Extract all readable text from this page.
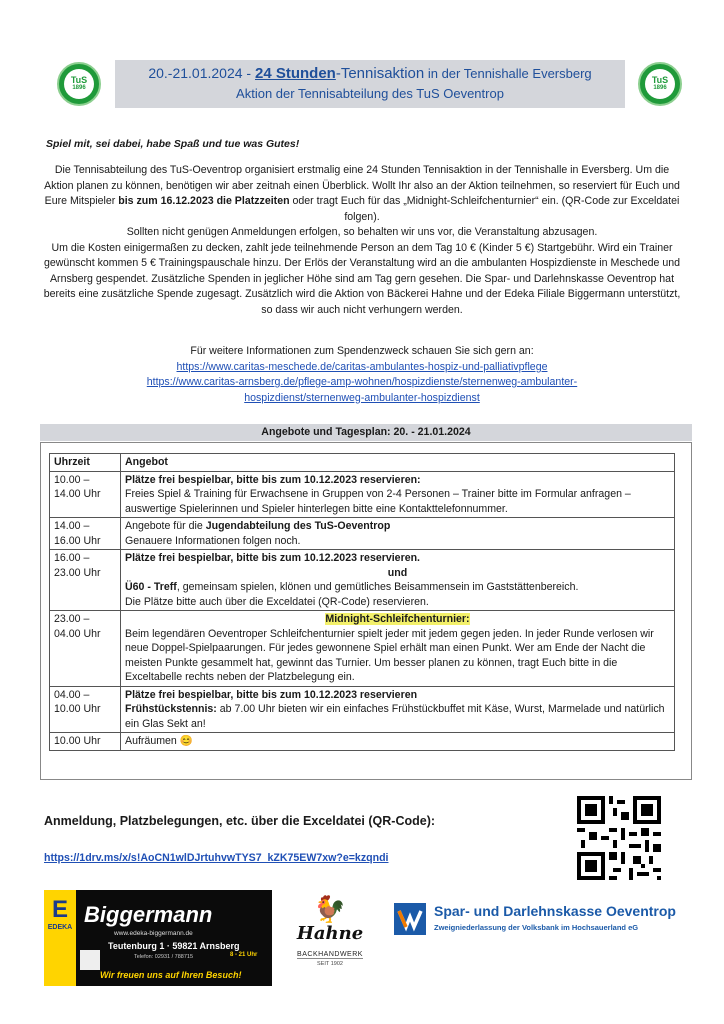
TuS
1896
TuS
1896
20.-21.01.2024 - 24 Stunden-Tennisaktion in der Tennishalle Eversberg
Aktion der Tennisabteilung des TuS Oeventrop
Spiel mit, sei dabei, habe Spaß und tue was Gutes!

Die Tennisabteilung des TuS-Oeventrop organisiert erstmalig eine 24 Stunden Tennisaktion in der Tennishalle in Eversberg. Um die Aktion planen zu können, benötigen wir aber zeitnah einen Überblick. Wollt Ihr also an der Aktion teilnehmen, so reserviert für Euch und Eure Mitspieler bis zum 16.12.2023 die Platzzeiten oder tragt Euch für das „Midnight-Schleifchenturnier“ ein. (QR-Code zur Exceldatei folgen).

Sollten nicht genügen Anmeldungen erfolgen, so behalten wir uns vor, die Veranstaltung abzusagen.

Um die Kosten einigermaßen zu decken, zahlt jede teilnehmende Person an dem Tag 10 € (Kinder 5 €) Startgebühr. Wird ein Trainer gewünscht kommen 5 € Trainingspauschale hinzu. Der Erlös der Veranstaltung wird an die ambulanten Hospizdienste in Meschede und Arnsberg gespendet. Zusätzliche Spenden in jeglicher Höhe sind am Tag gern gesehen. Die Spar- und Darlehnskasse Oeventrop hat bereits eine zusätzliche Spende zugesagt. Zusätzlich wird die Aktion von Bäckerei Hahne und der Edeka Filiale Biggermann unterstützt, so dass wir auch nicht verhungern werden.

Für weitere Informationen zum Spendenzweck schauen Sie sich gern an:
https://www.caritas-meschede.de/caritas-ambulantes-hospiz-und-palliativpflege
https://www.caritas-arnsberg.de/pflege-amp-wohnen/hospizdienste/sternenweg-ambulanter-hospizdienst/sternenweg-ambulanter-hospizdienst
Angebote und Tagesplan: 20. - 21.01.2024
Uhrzeit	Angebot
10.00 – 14.00 Uhr	Plätze frei bespielbar, bitte bis zum 10.12.2023 reservieren:
Freies Spiel & Training für Erwachsene in Gruppen von 2-4 Personen – Trainer bitte im Formular anfragen – auswertige Spielerinnen und Spieler hinterlegen bitte eine Kontakttelefonnummer.
14.00 – 16.00 Uhr	Angebote für die Jugendabteilung des TuS-Oeventrop
Genauere Informationen folgen noch.
16.00 – 23.00 Uhr	Plätze frei bespielbar, bitte bis zum 10.12.2023 reservieren.
und
Ü60 - Treff, gemeinsam spielen, klönen und gemütliches Beisammensein im Gaststättenbereich.
Die Plätze bitte auch über die Exceldatei (QR-Code) reservieren.
23.00 – 04.00 Uhr	Midnight-Schleifchenturnier:
Beim legendären Oeventroper Schleifchenturnier spielt jeder mit jedem gegen jeden. In jeder Runde verlosen wir neue Doppel-Spielpaarungen. Für jedes gewonnene Spiel erhält man einen Punkt. Wer am Ende der Nacht die meisten Punkte gesammelt hat, gewinnt das Turnier. Um besser planen zu können, tragt Euch bitte in die Exceltabelle rechts neben der Platzbelegung ein.
04.00 – 10.00 Uhr	Plätze frei bespielbar, bitte bis zum 10.12.2023 reservieren
Frühstückstennis: ab 7.00 Uhr bieten wir ein einfaches Frühstückbuffet mit Käse, Wurst, Marmelade und natürlich ein Glas Sekt an!
10.00 Uhr	Aufräumen 😊
Anmeldung, Platzbelegungen, etc. über die Exceldatei (QR-Code):
https://1drv.ms/x/s!AoCN1wlDJrtuhvwTYS7_kZK75EW7xw?e=kzqndi
E
EDEKA
Biggermann
www.edeka-biggermann.de
Teutenburg 1 · 59821 Arnsberg
Telefon: 02931 / 788715	8 - 21 Uhr
Wir freuen uns auf Ihren Besuch!
🐓
Hahne
BACKHANDWERK
SEIT 1902
Spar- und Darlehnskasse Oeventrop
Zweigniederlassung der Volksbank im Hochsauerland eG
